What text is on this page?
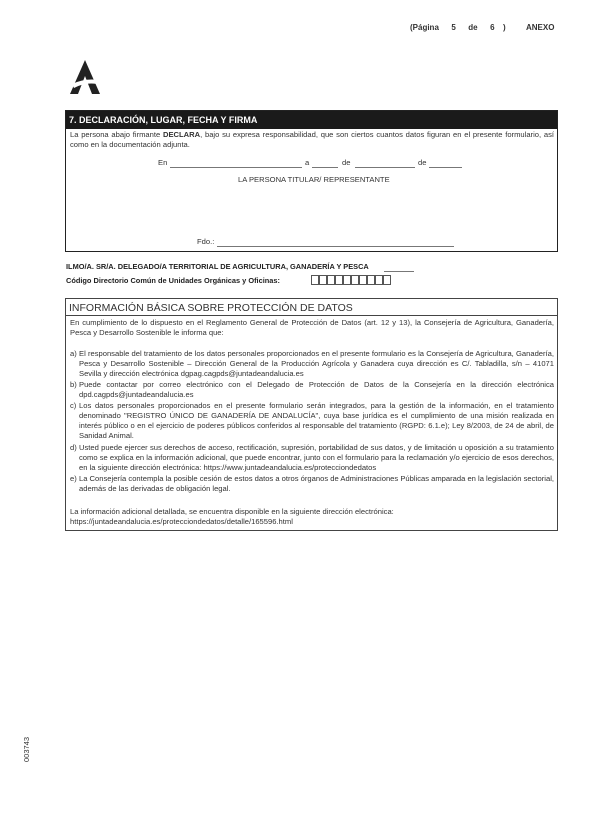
(Página 5 de 6 )	ANEXO
7. DECLARACIÓN, LUGAR, FECHA Y FIRMA
La persona abajo firmante DECLARA, bajo su expresa responsabilidad, que son ciertos cuantos datos figuran en el presente formulario, así como en la documentación adjunta.
En	a	de	de
LA PERSONA TITULAR/ REPRESENTANTE
Fdo.:
ILMO/A. SR/A. DELEGADO/A TERRITORIAL DE AGRICULTURA, GANADERÍA Y PESCA
Código Directorio Común de Unidades Orgánicas y Oficinas:
INFORMACIÓN BÁSICA SOBRE PROTECCIÓN DE DATOS
En cumplimiento de lo dispuesto en el Reglamento General de Protección de Datos (art. 12 y 13), la Consejería de Agricultura, Ganadería, Pesca y Desarrollo Sostenible le informa que:
a) El responsable del tratamiento de los datos personales proporcionados en el presente formulario es la Consejería de Agricultura, Ganadería, Pesca y Desarrollo Sostenible – Dirección General de la Producción Agrícola y Ganadera cuya dirección es C/. Tabladilla, s/n – 41071 Sevilla y dirección electrónica dgpag.cagpds@juntadeandalucia.es
b) Puede contactar por correo electrónico con el Delegado de Protección de Datos de la Consejería en la dirección electrónica dpd.cagpds@juntadeandalucia.es
c) Los datos personales proporcionados en el presente formulario serán integrados, para la gestión de la información, en el tratamiento denominado "REGISTRO ÚNICO DE GANADERÍA DE ANDALUCÍA", cuya base jurídica es el cumplimiento de una misión realizada en interés público o en el ejercicio de poderes públicos conferidos al responsable del tratamiento (RGPD: 6.1.e); Ley 8/2003, de 24 de abril, de Sanidad Animal.
d) Usted puede ejercer sus derechos de acceso, rectificación, supresión, portabilidad de sus datos, y de limitación u oposición a su tratamiento como se explica en la información adicional, que puede encontrar, junto con el formulario para la reclamación y/o ejercicio de esos derechos, en la siguiente dirección electrónica: https://www.juntadeandalucia.es/protecciondedatos
e) La Consejería contempla la posible cesión de estos datos a otros órganos de Administraciones Públicas amparada en la legislación sectorial, además de las derivadas de obligación legal.
La información adicional detallada, se encuentra disponible en la siguiente dirección electrónica:
https://juntadeandalucia.es/protecciondedatos/detalle/165596.html
003743
